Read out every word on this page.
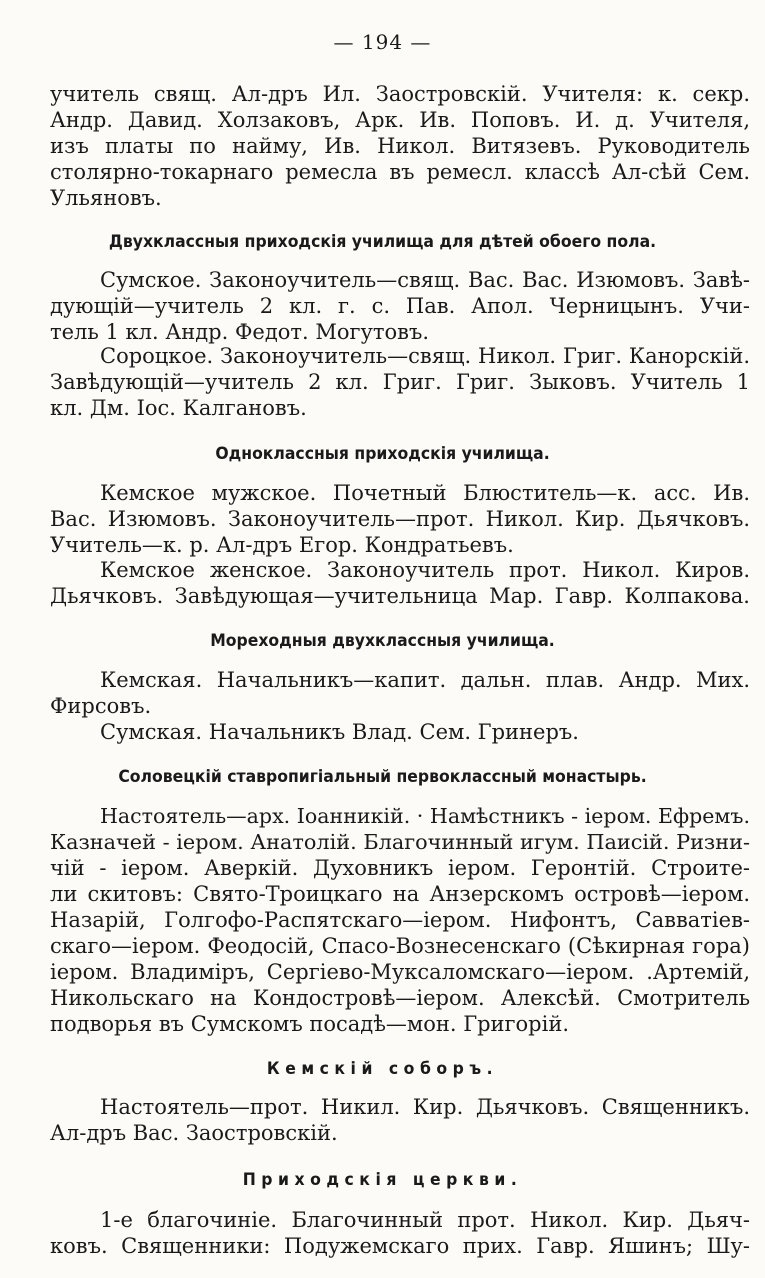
— 194 —
учитель свящ. Ал-дръ Ил. Заостровскій. Учителя: к. секр.
Андр. Давид. Холзаковъ, Арк. Ив. Поповъ. И. д. Учителя,
изъ платы по найму, Ив. Никол. Витязевъ. Руководитель
столярно-токарнаго ремесла въ ремесл. классѣ Ал-сѣй Сем.
Ульяновъ.
Двухклассныя приходскія училища для дѣтей обоего пола.
Сумское. Законоучитель—свящ. Вас. Вас. Изюмовъ. Завѣ-
дующій—учитель 2 кл. г. с. Пав. Апол. Черницынъ. Учи-
тель 1 кл. Андр. Федот. Могутовъ.
Сороцкое. Законоучитель—свящ. Никол. Григ. Канорскій.
Завѣдующій—учитель 2 кл. Григ. Григ. Зыковъ. Учитель 1
кл. Дм. Іос. Калгановъ.
Одноклассныя приходскія училища.
Кемское мужское. Почетный Блюститель—к. асс. Ив.
Вас. Изюмовъ. Законоучитель—прот. Никол. Кир. Дьячковъ.
Учитель—к. р. Ал-дръ Егор. Кондратьевъ.
Кемское женское. Законоучитель прот. Никол. Киров.
Дьячковъ. Завѣдующая—учительница Мар. Гавр. Колпакова.
Мореходныя двухклассныя училища.
Кемская. Начальникъ—капит. дальн. плав. Андр. Мих.
Фирсовъ.
Сумская. Начальникъ Влад. Сем. Гринеръ.
Соловецкій ставропигіальный первоклассный монастырь.
Настоятель—арх. Іоанникій. · Намѣстникъ - іером. Ефремъ.
Казначей - іером. Анатолій. Благочинный игум. Паисій. Ризни-
чій - іером. Аверкій. Духовникъ іером. Геронтій. Строите-
ли скитовъ: Свято-Троицкаго на Анзерскомъ островѣ—іером.
Назарій, Голгофо-Распятскаго—іером. Нифонтъ, Савватіев-
скаго—іером. Феодосій, Спасо-Вознесенскаго (Сѣкирная гора)
іером. Владиміръ, Сергіево-Муксаломскаго—іером. .Артемій,
Никольскаго на Кондостровѣ—іером. Алексѣй. Смотритель
подворья въ Сумскомъ посадѣ—мон. Григорій.
Кемскій соборъ.
Настоятель—прот. Никил. Кир. Дьячковъ. Священникъ.
Ал-дръ Вас. Заостровскій.
Приходскія церкви.
1-е благочиніе. Благочинный прот. Никол. Кир. Дьяч-
ковъ. Священники: Подужемскаго прих. Гавр. Яшинъ; Шу-
